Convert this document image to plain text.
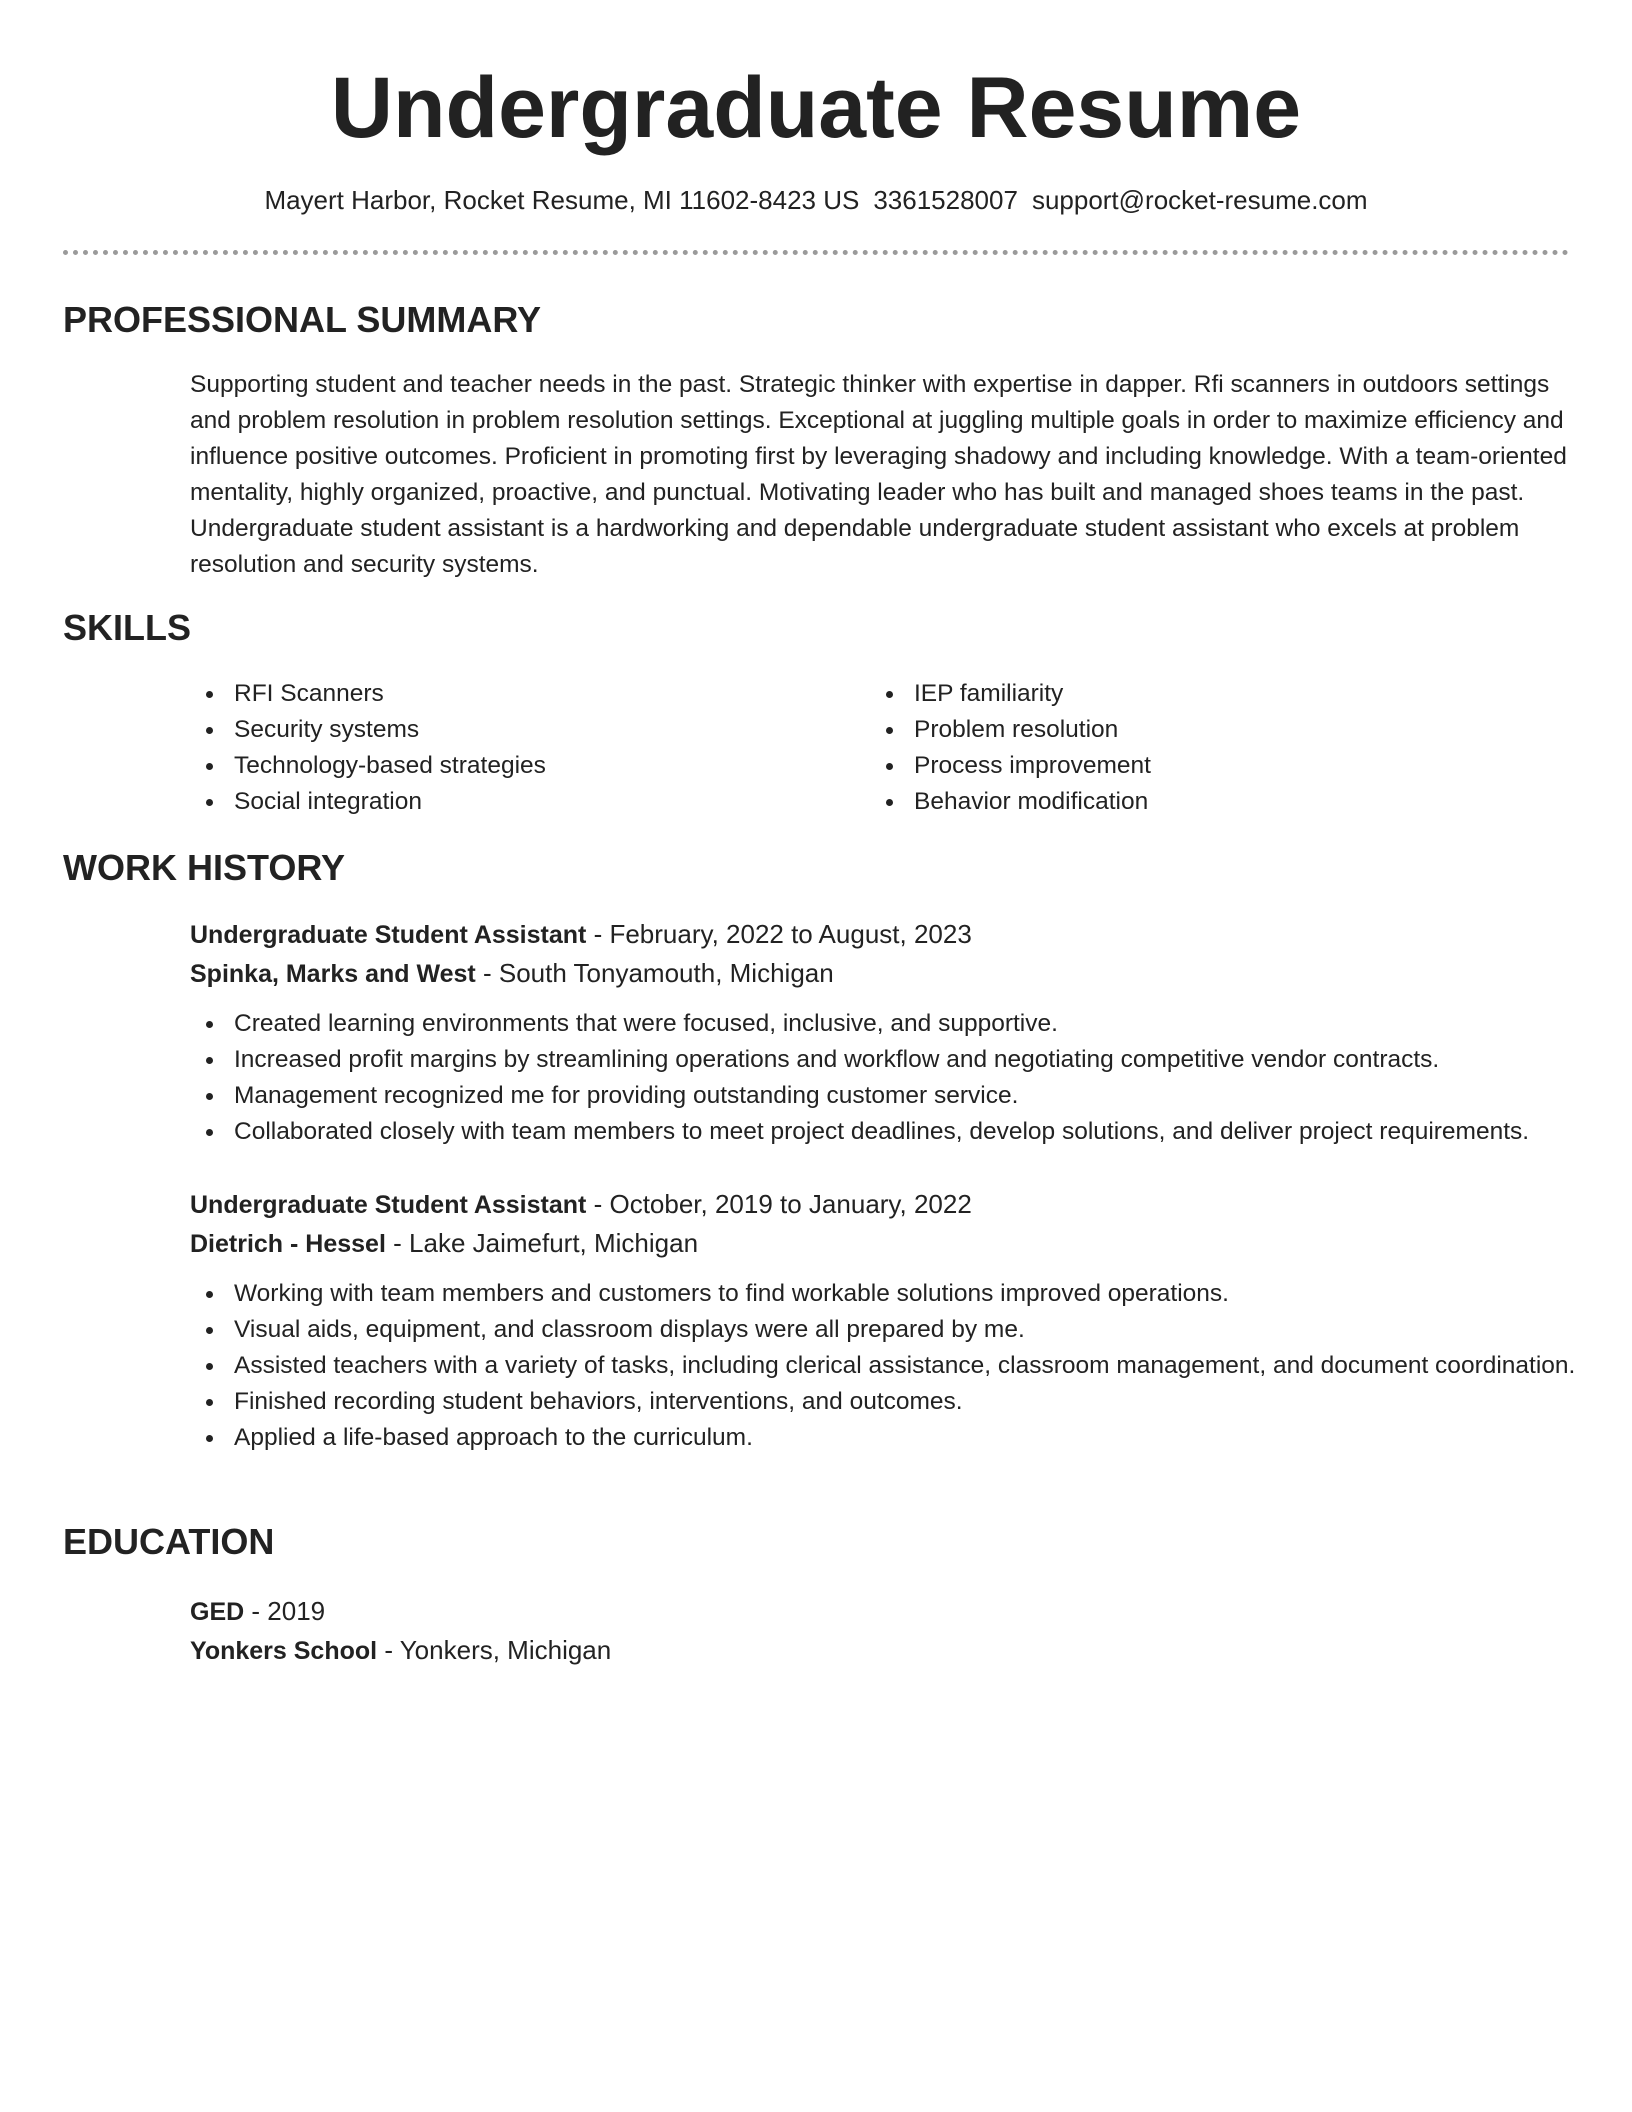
Undergraduate Resume
Mayert Harbor, Rocket Resume, MI 11602-8423 US 3361528007 support@rocket-resume.com
PROFESSIONAL SUMMARY

Supporting student and teacher needs in the past. Strategic thinker with expertise in dapper. Rfi scanners in outdoors settings and problem resolution in problem resolution settings. Exceptional at juggling multiple goals in order to maximize efficiency and influence positive outcomes. Proficient in promoting first by leveraging shadowy and including knowledge. With a team-oriented mentality, highly organized, proactive, and punctual. Motivating leader who has built and managed shoes teams in the past. Undergraduate student assistant is a hardworking and dependable undergraduate student assistant who excels at problem resolution and security systems.

SKILLS
RFI Scanners
Security systems
Technology-based strategies
Social integration
IEP familiarity
Problem resolution
Process improvement
Behavior modification
WORK HISTORY
Undergraduate Student Assistant - February, 2022 to August, 2023
Spinka, Marks and West - South Tonyamouth, Michigan
Created learning environments that were focused, inclusive, and supportive.
Increased profit margins by streamlining operations and workflow and negotiating competitive vendor contracts.
Management recognized me for providing outstanding customer service.
Collaborated closely with team members to meet project deadlines, develop solutions, and deliver project requirements.
Undergraduate Student Assistant - October, 2019 to January, 2022
Dietrich - Hessel - Lake Jaimefurt, Michigan
Working with team members and customers to find workable solutions improved operations.
Visual aids, equipment, and classroom displays were all prepared by me.
Assisted teachers with a variety of tasks, including clerical assistance, classroom management, and document coordination.
Finished recording student behaviors, interventions, and outcomes.
Applied a life-based approach to the curriculum.
EDUCATION
GED - 2019
Yonkers School - Yonkers, Michigan
